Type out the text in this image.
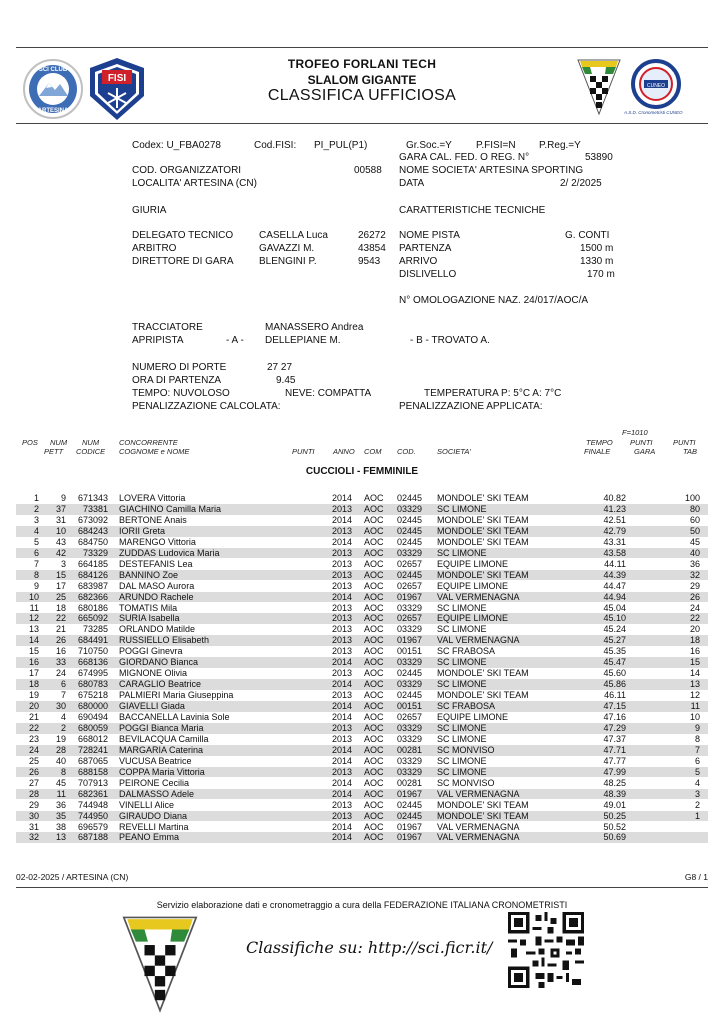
SCI CLUB
ARTESINA
FISI
CUNEO
A.S.D. Cronometristi CUNEO
TROFEO FORLANI TECH
SLALOM GIGANTE
CLASSIFICA UFFICIOSA
Codex: U_FBA0278	Cod.FISI: PI_PUL(P1)	Gr.Soc.=Y P.FISI=N P.Reg.=Y
GARA CAL. FED. O REG. N°	53890
COD. ORGANIZZATORI	00588 NOME SOCIETA' ARTESINA SPORTING
LOCALITA' ARTESINA (CN)	DATA	2/ 2/2025
GIURIA	CARATTERISTICHE TECNICHE
DELEGATO TECNICO	CASELLA Luca	26272 NOME PISTA	G. CONTI
ARBITRO	GAVAZZI M.	43854 PARTENZA	1500 m
DIRETTORE DI GARA	BLENGINI P.	9543 ARRIVO	1330 m
DISLIVELLO	170 m
N° OMOLOGAZIONE NAZ. 24/017/AOC/A
TRACCIATORE	MANASSERO Andrea
APRIPISTA	- A - DELLEPIANE M.	- B - TROVATO A.
NUMERO DI PORTE	27 27
ORA DI PARTENZA	9.45
TEMPO: NUVOLOSO	NEVE: COMPATTA	TEMPERATURA P: 5°C A: 7°C
PENALIZZAZIONE CALCOLATA:	PENALIZZAZIONE APPLICATA:
F=1010
POS NUM
PETT
NUM
CODICE
CONCORRENTE
COGNOME e NOME	PUNTI ANNO COM COD.	SOCIETA'
TEMPO
FINALE
PUNTI
GARA
PUNTI
TAB
CUCCIOLI - FEMMINILE
1	9	671343 LOVERA Vittoria	2014 AOC 02445 MONDOLE' SKI TEAM	40.82	100
2	37	73381 GIACHINO Camilla Maria	2013 AOC 03329 SC LIMONE	41.23	80
3	31	673092 BERTONE Anais	2014 AOC 02445 MONDOLE' SKI TEAM	42.51	60
4	10	684243 IORII Greta	2013 AOC 02445 MONDOLE' SKI TEAM	42.79	50
5	43	684750 MARENGO Vittoria	2014 AOC 02445 MONDOLE' SKI TEAM	43.31	45
6	42	73329 ZUDDAS Ludovica Maria	2013 AOC 03329 SC LIMONE	43.58	40
7	3	664185 DESTEFANIS Lea	2013 AOC 02657 EQUIPE LIMONE	44.11	36
8	15	684126 BANNINO Zoe	2013 AOC 02445 MONDOLE' SKI TEAM	44.39	32
9	17	683987 DAL MASO Aurora	2013 AOC 02657 EQUIPE LIMONE	44.47	29
10	25	682366 ARUNDO Rachele	2014 AOC 01967 VAL VERMENAGNA	44.94	26
11	18	680186 TOMATIS Mila	2013 AOC 03329 SC LIMONE	45.04	24
12	22	665092 SURIA Isabella	2013 AOC 02657 EQUIPE LIMONE	45.10	22
13	21	73285 ORLANDO Matilde	2013 AOC 03329 SC LIMONE	45.24	20
14	26	684491 RUSSIELLO Elisabeth	2013 AOC 01967 VAL VERMENAGNA	45.27	18
15	16	710750 POGGI Ginevra	2013 AOC 00151 SC FRABOSA	45.35	16
16	33	668136 GIORDANO Bianca	2014 AOC 03329 SC LIMONE	45.47	15
17	24	674995 MIGNONE Olivia	2013 AOC 02445 MONDOLE' SKI TEAM	45.60	14
18	6	680783 CARAGLIO Beatrice	2014 AOC 03329 SC LIMONE	45.86	13
19	7	675218 PALMIERI Maria Giuseppina	2013 AOC 02445 MONDOLE' SKI TEAM	46.11	12
20	30	680000 GIAVELLI Giada	2014 AOC 00151 SC FRABOSA	47.15	11
21	4	690494 BACCANELLA Lavinia Sole	2014 AOC 02657 EQUIPE LIMONE	47.16	10
22	2	680059 POGGI Bianca Maria	2013 AOC 03329 SC LIMONE	47.29	9
23	19	668012 BEVILACQUA Camilla	2013 AOC 03329 SC LIMONE	47.37	8
24	28	728241 MARGARIA Caterina	2014 AOC 00281 SC MONVISO	47.71	7
25	40	687065 VUCUSA Beatrice	2014 AOC 03329 SC LIMONE	47.77	6
26	8	688158 COPPA Maria Vittoria	2013 AOC 03329 SC LIMONE	47.99	5
27	45	707913 PEIRONE Cecilia	2014 AOC 00281 SC MONVISO	48.25	4
28	11	682361 DALMASSO Adele	2014 AOC 01967 VAL VERMENAGNA	48.39	3
29	36	744948 VINELLI Alice	2013 AOC 02445 MONDOLE' SKI TEAM	49.01	2
30	35	744950 GIRAUDO Diana	2013 AOC 02445 MONDOLE' SKI TEAM	50.25	1
31	38	696579 REVELLI Martina	2014 AOC 01967 VAL VERMENAGNA	50.52
32	13	687188 PEANO Emma	2014 AOC 01967 VAL VERMENAGNA	50.69
02-02-2025 / ARTESINA (CN)	G8 / 1
Servizio elaborazione dati e cronometraggio a cura della FEDERAZIONE ITALIANA CRONOMETRISTI
Classifiche su: http://sci.ficr.it/
